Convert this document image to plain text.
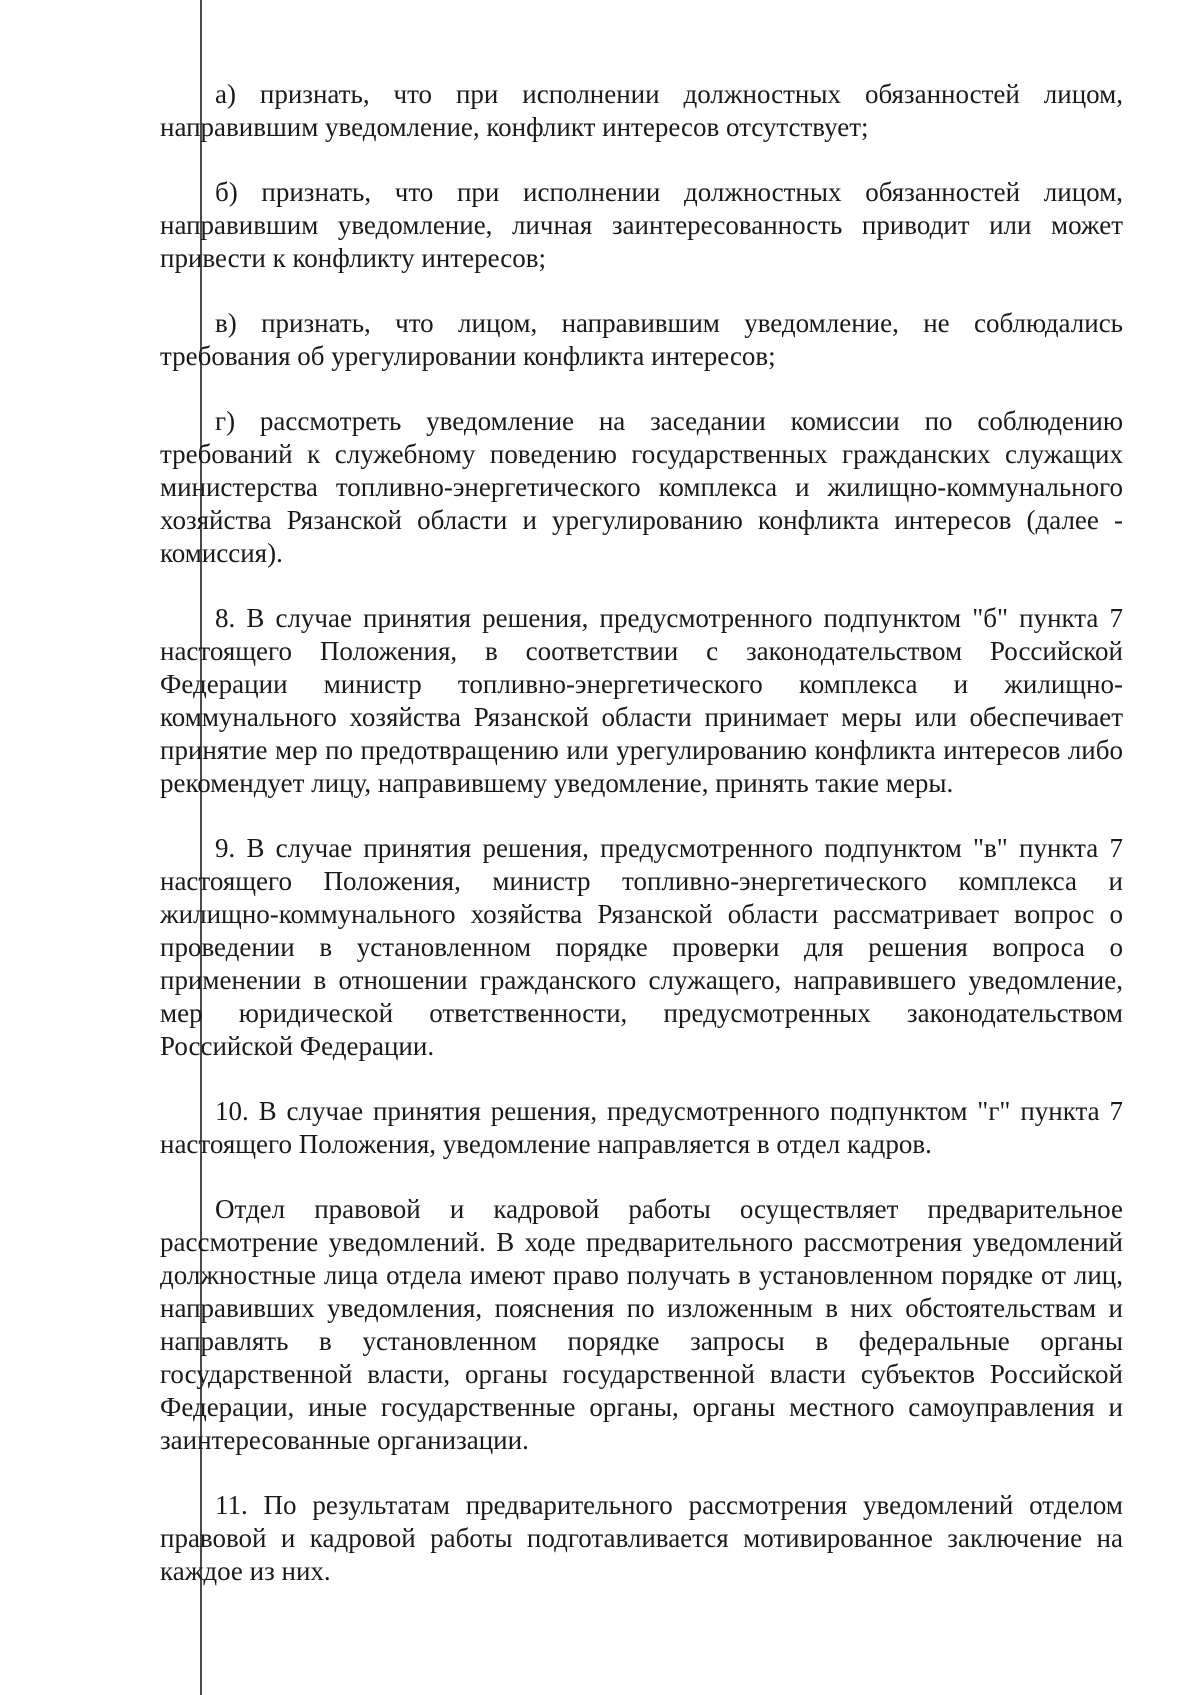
а) признать, что при исполнении должностных обязанностей лицом, направившим уведомление, конфликт интересов отсутствует;

б) признать, что при исполнении должностных обязанностей лицом, направившим уведомление, личная заинтересованность приводит или может привести к конфликту интересов;

в) признать, что лицом, направившим уведомление, не соблюдались требования об урегулировании конфликта интересов;

г) рассмотреть уведомление на заседании комиссии по соблюдению требований к служебному поведению государственных гражданских служащих министерства топливно-энергетического комплекса и жилищно-коммунального хозяйства Рязанской области и урегулированию конфликта интересов (далее - комиссия).

8. В случае принятия решения, предусмотренного подпунктом "б" пункта 7 настоящего Положения, в соответствии с законодательством Российской Федерации министр топливно-энергетического комплекса и жилищно-коммунального хозяйства Рязанской области принимает меры или обеспечивает принятие мер по предотвращению или урегулированию конфликта интересов либо рекомендует лицу, направившему уведомление, принять такие меры.

9. В случае принятия решения, предусмотренного подпунктом "в" пункта 7 настоящего Положения, министр топливно-энергетического комплекса и жилищно-коммунального хозяйства Рязанской области рассматривает вопрос о проведении в установленном порядке проверки для решения вопроса о применении в отношении гражданского служащего, направившего уведомление, мер юридической ответственности, предусмотренных законодательством Российской Федерации.

10. В случае принятия решения, предусмотренного подпунктом "г" пункта 7 настоящего Положения, уведомление направляется в отдел кадров.

Отдел правовой и кадровой работы осуществляет предварительное рассмотрение уведомлений. В ходе предварительного рассмотрения уведомлений должностные лица отдела имеют право получать в установленном порядке от лиц, направивших уведомления, пояснения по изложенным в них обстоятельствам и направлять в установленном порядке запросы в федеральные органы государственной власти, органы государственной власти субъектов Российской Федерации, иные государственные органы, органы местного самоуправления и заинтересованные организации.

11. По результатам предварительного рассмотрения уведомлений отделом правовой и кадровой работы подготавливается мотивированное заключение на каждое из них.
